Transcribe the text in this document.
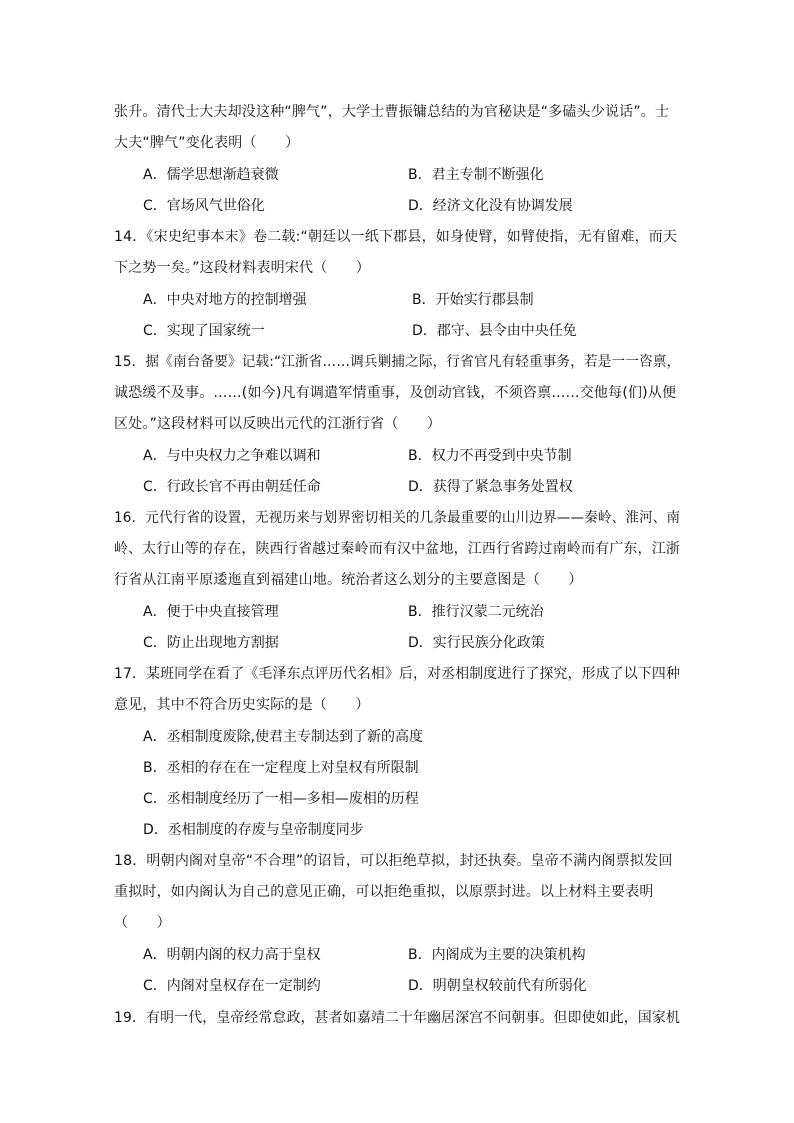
张升。清代士大夫却没这种“脾气”，大学士曹振镛总结的为官秘诀是“多磕头少说话”。士
大夫“脾气”变化表明（　　）
A．儒学思想渐趋衰微	B．君主专制不断强化
C．官场风气世俗化	D．经济文化没有协调发展
14．《宋史纪事本末》卷二载:“朝廷以一纸下郡县，如身使臂，如臂使指，无有留难，而天
下之势一矣。”这段材料表明宋代（　　）
A．中央对地方的控制增强	B．开始实行郡县制
C．实现了国家统一	D．郡守、县令由中央任免
15．据《南台备要》记载:“江浙省……调兵剿捕之际，行省官凡有轻重事务，若是一一咨禀，
诚恐缓不及事。……(如今)凡有调遣军情重事，及创动官钱，不须咨禀……交他每(们)从便
区处。”这段材料可以反映出元代的江浙行省（　　）
A．与中央权力之争难以调和	B．权力不再受到中央节制
C．行政长官不再由朝廷任命	D．获得了紧急事务处置权
16．元代行省的设置，无视历来与划界密切相关的几条最重要的山川边界——秦岭、淮河、南
岭、太行山等的存在，陕西行省越过秦岭而有汉中盆地，江西行省跨过南岭而有广东，江浙
行省从江南平原逶迤直到福建山地。统治者这么划分的主要意图是（　　）
A．便于中央直接管理	B．推行汉蒙二元统治
C．防止出现地方割据	D．实行民族分化政策
17．某班同学在看了《毛泽东点评历代名相》后，对丞相制度进行了探究，形成了以下四种
意见，其中不符合历史实际的是（　　）
A．丞相制度废除,使君主专制达到了新的高度
B．丞相的存在在一定程度上对皇权有所限制
C．丞相制度经历了一相—多相—废相的历程
D．丞相制度的存废与皇帝制度同步
18．明朝内阁对皇帝“不合理”的诏旨，可以拒绝草拟，封还执奏。皇帝不满内阁票拟发回
重拟时，如内阁认为自己的意见正确，可以拒绝重拟，以原票封进。以上材料主要表明
（　　）
A．明朝内阁的权力高于皇权	B．内阁成为主要的决策机构
C．内阁对皇权存在一定制约	D．明朝皇权较前代有所弱化
19．有明一代，皇帝经常怠政，甚者如嘉靖二十年幽居深宫不问朝事。但即使如此，国家机
